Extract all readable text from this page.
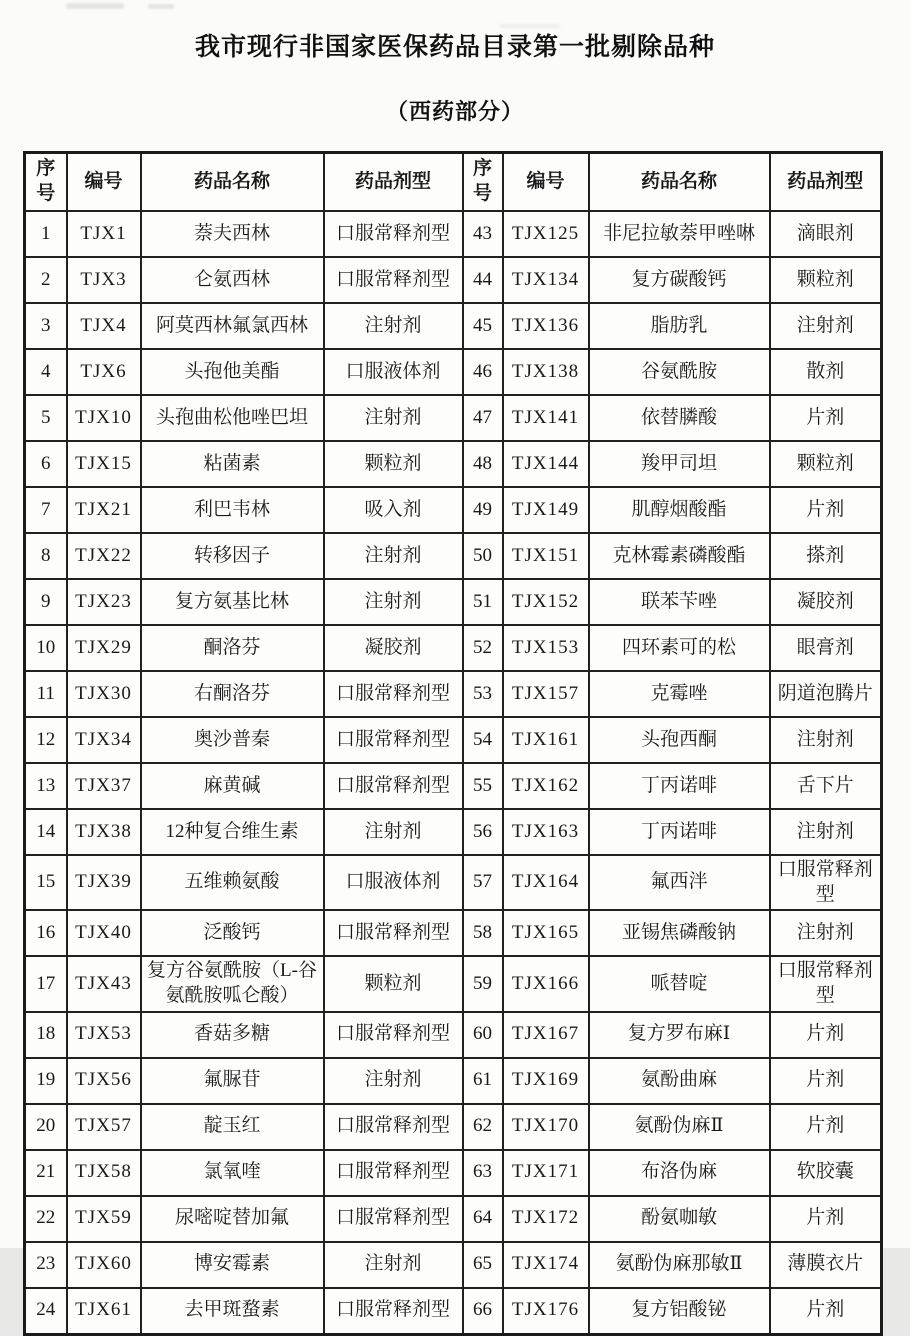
我市现行非国家医保药品目录第一批剔除品种
（西药部分）
序号	编号	药品名称	药品剂型	序号	编号	药品名称	药品剂型
1	TJX1	萘夫西林	口服常释剂型	43	TJX125	非尼拉敏萘甲唑啉	滴眼剂
2	TJX3	仑氨西林	口服常释剂型	44	TJX134	复方碳酸钙	颗粒剂
3	TJX4	阿莫西林氟氯西林	注射剂	45	TJX136	脂肪乳	注射剂
4	TJX6	头孢他美酯	口服液体剂	46	TJX138	谷氨酰胺	散剂
5	TJX10	头孢曲松他唑巴坦	注射剂	47	TJX141	依替膦酸	片剂
6	TJX15	粘菌素	颗粒剂	48	TJX144	羧甲司坦	颗粒剂
7	TJX21	利巴韦林	吸入剂	49	TJX149	肌醇烟酸酯	片剂
8	TJX22	转移因子	注射剂	50	TJX151	克林霉素磷酸酯	搽剂
9	TJX23	复方氨基比林	注射剂	51	TJX152	联苯苄唑	凝胶剂
10	TJX29	酮洛芬	凝胶剂	52	TJX153	四环素可的松	眼膏剂
11	TJX30	右酮洛芬	口服常释剂型	53	TJX157	克霉唑	阴道泡腾片
12	TJX34	奥沙普秦	口服常释剂型	54	TJX161	头孢西酮	注射剂
13	TJX37	麻黄碱	口服常释剂型	55	TJX162	丁丙诺啡	舌下片
14	TJX38	12种复合维生素	注射剂	56	TJX163	丁丙诺啡	注射剂
15	TJX39	五维赖氨酸	口服液体剂	57	TJX164	氟西泮	口服常释剂型
16	TJX40	泛酸钙	口服常释剂型	58	TJX165	亚锡焦磷酸钠	注射剂
17	TJX43	复方谷氨酰胺（L-谷氨酰胺呱仑酸）	颗粒剂	59	TJX166	哌替啶	口服常释剂型
18	TJX53	香菇多糖	口服常释剂型	60	TJX167	复方罗布麻Ⅰ	片剂
19	TJX56	氟脲苷	注射剂	61	TJX169	氨酚曲麻	片剂
20	TJX57	靛玉红	口服常释剂型	62	TJX170	氨酚伪麻Ⅱ	片剂
21	TJX58	氯氧喹	口服常释剂型	63	TJX171	布洛伪麻	软胶囊
22	TJX59	尿嘧啶替加氟	口服常释剂型	64	TJX172	酚氨咖敏	片剂
23	TJX60	博安霉素	注射剂	65	TJX174	氨酚伪麻那敏Ⅱ	薄膜衣片
24	TJX61	去甲斑蝥素	口服常释剂型	66	TJX176	复方铝酸铋	片剂
